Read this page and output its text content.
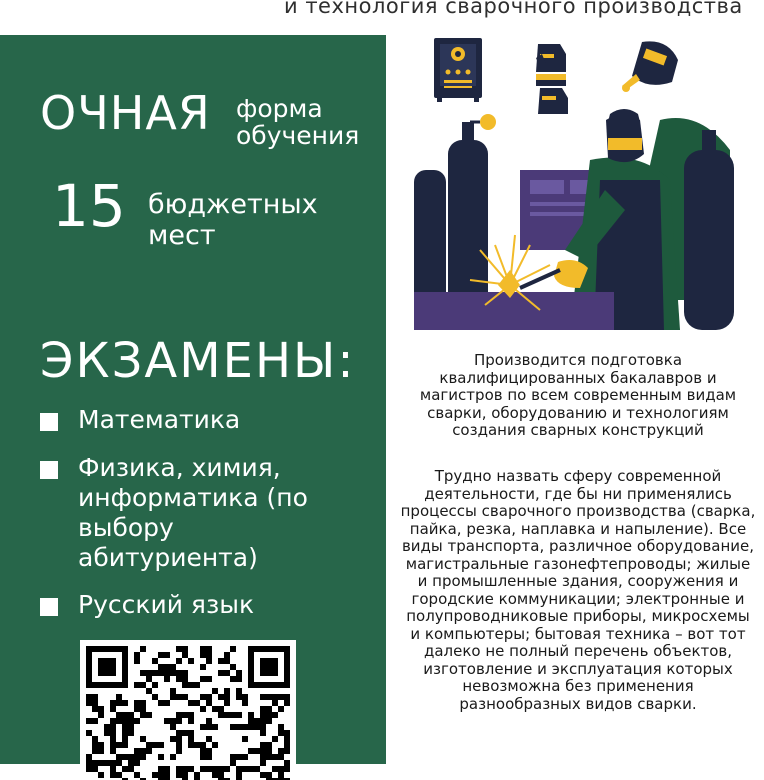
и технология сварочного производства
ОЧНАЯ форма
обучения
15 бюджетных
мест
ЭКЗАМЕНЫ:
Математика
Физика, химия, информатика (по выбору абитуриента)
Русский язык
Производится подготовка квалифицированных бакалавров и магистров по всем современным видам сварки, оборудованию и технологиям создания сварных конструкций
Трудно назвать сферу современной деятельности, где бы ни применялись процессы сварочного производства (сварка, пайка, резка, наплавка и напыление). Все виды транспорта, различное оборудование, магистральные газонефтепроводы; жилые и промышленные здания, сооружения и городские коммуникации; электронные и полупроводниковые приборы, микросхемы и компьютеры; бытовая техника – вот тот далеко не полный перечень объектов, изготовление и эксплуатация которых невозможна без применения разнообразных видов сварки.
